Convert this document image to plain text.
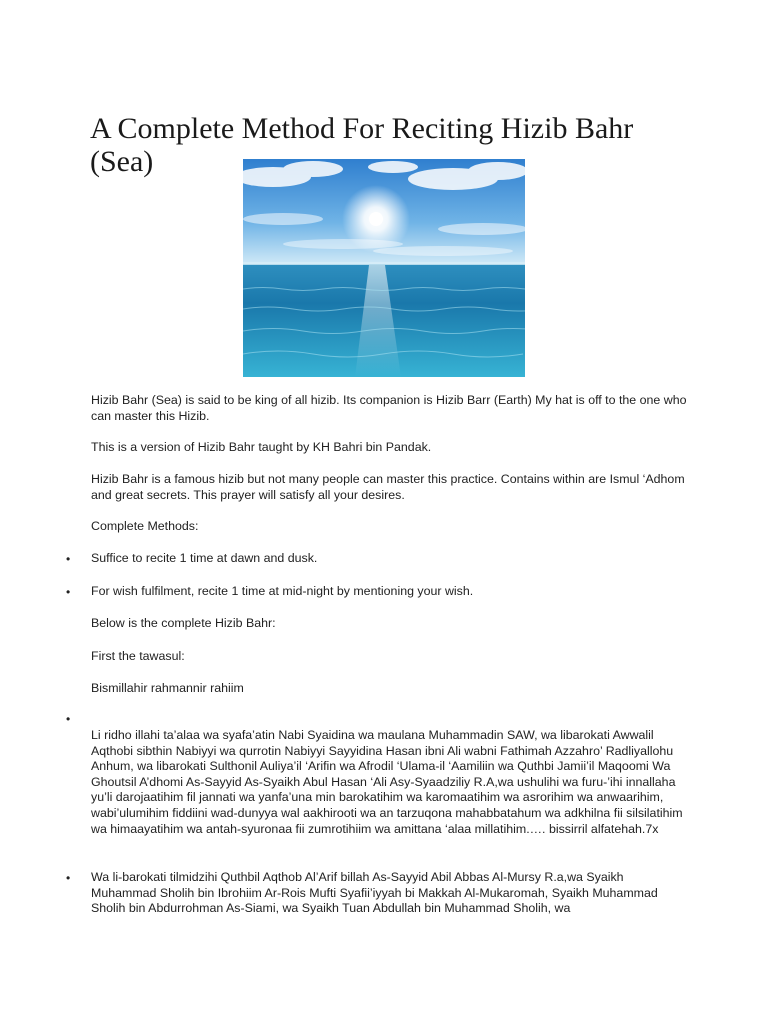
A Complete Method For Reciting Hizib Bahr (Sea)

Hizib Bahr (Sea) is said to be king of all hizib. Its companion is Hizib Barr (Earth) My hat is off to the one who can master this Hizib.

This is a version of Hizib Bahr taught by KH Bahri bin Pandak.

Hizib Bahr is a famous hizib but not many people can master this practice. Contains within are Ismul ‘Adhom and great secrets. This prayer will satisfy all your desires.

Complete Methods:

• Suffice to recite 1 time at dawn and dusk.

• For wish fulfilment, recite 1 time at mid-night by mentioning your wish.

Below is the complete Hizib Bahr:

First the tawasul:

Bismillahir rahmannir rahiim

•

Li ridho illahi ta’alaa wa syafa’atin Nabi Syaidina wa maulana Muhammadin SAW, wa libarokati Awwalil Aqthobi sibthin Nabiyyi wa qurrotin Nabiyyi Sayyidina Hasan ibni Ali wabni Fathimah Azzahro’ Radliyallohu Anhum, wa libarokati Sulthonil Auliya’il ‘Arifin wa Afrodil ‘Ulama-il ‘Aamiliin wa Quthbi Jamii’il Maqoomi Wa Ghoutsil A’dhomi As-Sayyid As-Syaikh Abul Hasan ‘Ali Asy-Syaadziliy R.A,wa ushulihi wa furu-’ihi innallaha yu’li darojaatihim fil jannati wa yanfa’una min barokatihim wa karomaatihim wa asrorihim wa anwaarihim, wabi’ulumihim fiddiini wad-dunyya wal aakhirooti wa an tarzuqona mahabbatahum wa adkhilna fii silsilatihim wa himaayatihim wa antah-syuronaa fii zumrotihiim wa amittana ‘alaa millatihim.…. bissirril alfatehah.7x

• Wa li-barokati tilmidzihi Quthbil Aqthob Al’Arif billah As-Sayyid Abil Abbas Al-Mursy R.a,wa Syaikh Muhammad Sholih bin Ibrohiim Ar-Rois Mufti Syafii’iyyah bi Makkah Al-Mukaromah, Syaikh Muhammad Sholih bin Abdurrohman As-Siami, wa Syaikh Tuan Abdullah bin Muhammad Sholih, wa
